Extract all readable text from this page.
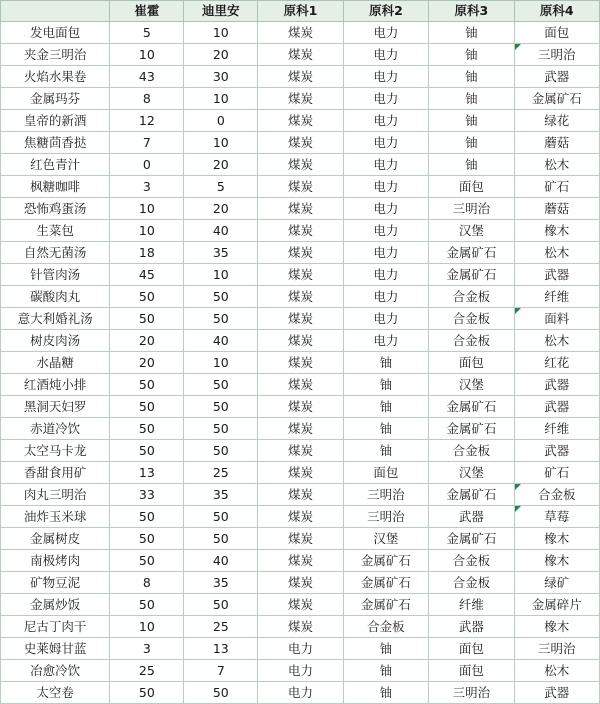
	崔霍	迪里安	原科1	原科2	原科3	原科4
发电面包	5	10	煤炭	电力	铀	面包
夹金三明治	10	20	煤炭	电力	铀	三明治
火焰水果卷	43	30	煤炭	电力	铀	武器
金属玛芬	8	10	煤炭	电力	铀	金属矿石
皇帝的新酒	12	0	煤炭	电力	铀	绿花
焦糖茴香挞	7	10	煤炭	电力	铀	蘑菇
红色青汁	0	20	煤炭	电力	铀	松木
枫糖咖啡	3	5	煤炭	电力	面包	矿石
恐怖鸡蛋汤	10	20	煤炭	电力	三明治	蘑菇
生菜包	10	40	煤炭	电力	汉堡	橡木
自然无菌汤	18	35	煤炭	电力	金属矿石	松木
针管肉汤	45	10	煤炭	电力	金属矿石	武器
碳酸肉丸	50	50	煤炭	电力	合金板	纤维
意大利婚礼汤	50	50	煤炭	电力	合金板	面料
树皮肉汤	20	40	煤炭	电力	合金板	松木
水晶糖	20	10	煤炭	铀	面包	红花
红酒炖小排	50	50	煤炭	铀	汉堡	武器
黑洞天妇罗	50	50	煤炭	铀	金属矿石	武器
赤道冷饮	50	50	煤炭	铀	金属矿石	纤维
太空马卡龙	50	50	煤炭	铀	合金板	武器
香甜食用矿	13	25	煤炭	面包	汉堡	矿石
肉丸三明治	33	35	煤炭	三明治	金属矿石	合金板
油炸玉米球	50	50	煤炭	三明治	武器	草莓
金属树皮	50	50	煤炭	汉堡	金属矿石	橡木
南极烤肉	50	40	煤炭	金属矿石	合金板	橡木
矿物豆泥	8	35	煤炭	金属矿石	合金板	绿矿
金属炒饭	50	50	煤炭	金属矿石	纤维	金属碎片
尼古丁肉干	10	25	煤炭	合金板	武器	橡木
史莱姆甘蓝	3	13	电力	铀	面包	三明治
冶愈冷饮	25	7	电力	铀	面包	松木
太空卷	50	50	电力	铀	三明治	武器
